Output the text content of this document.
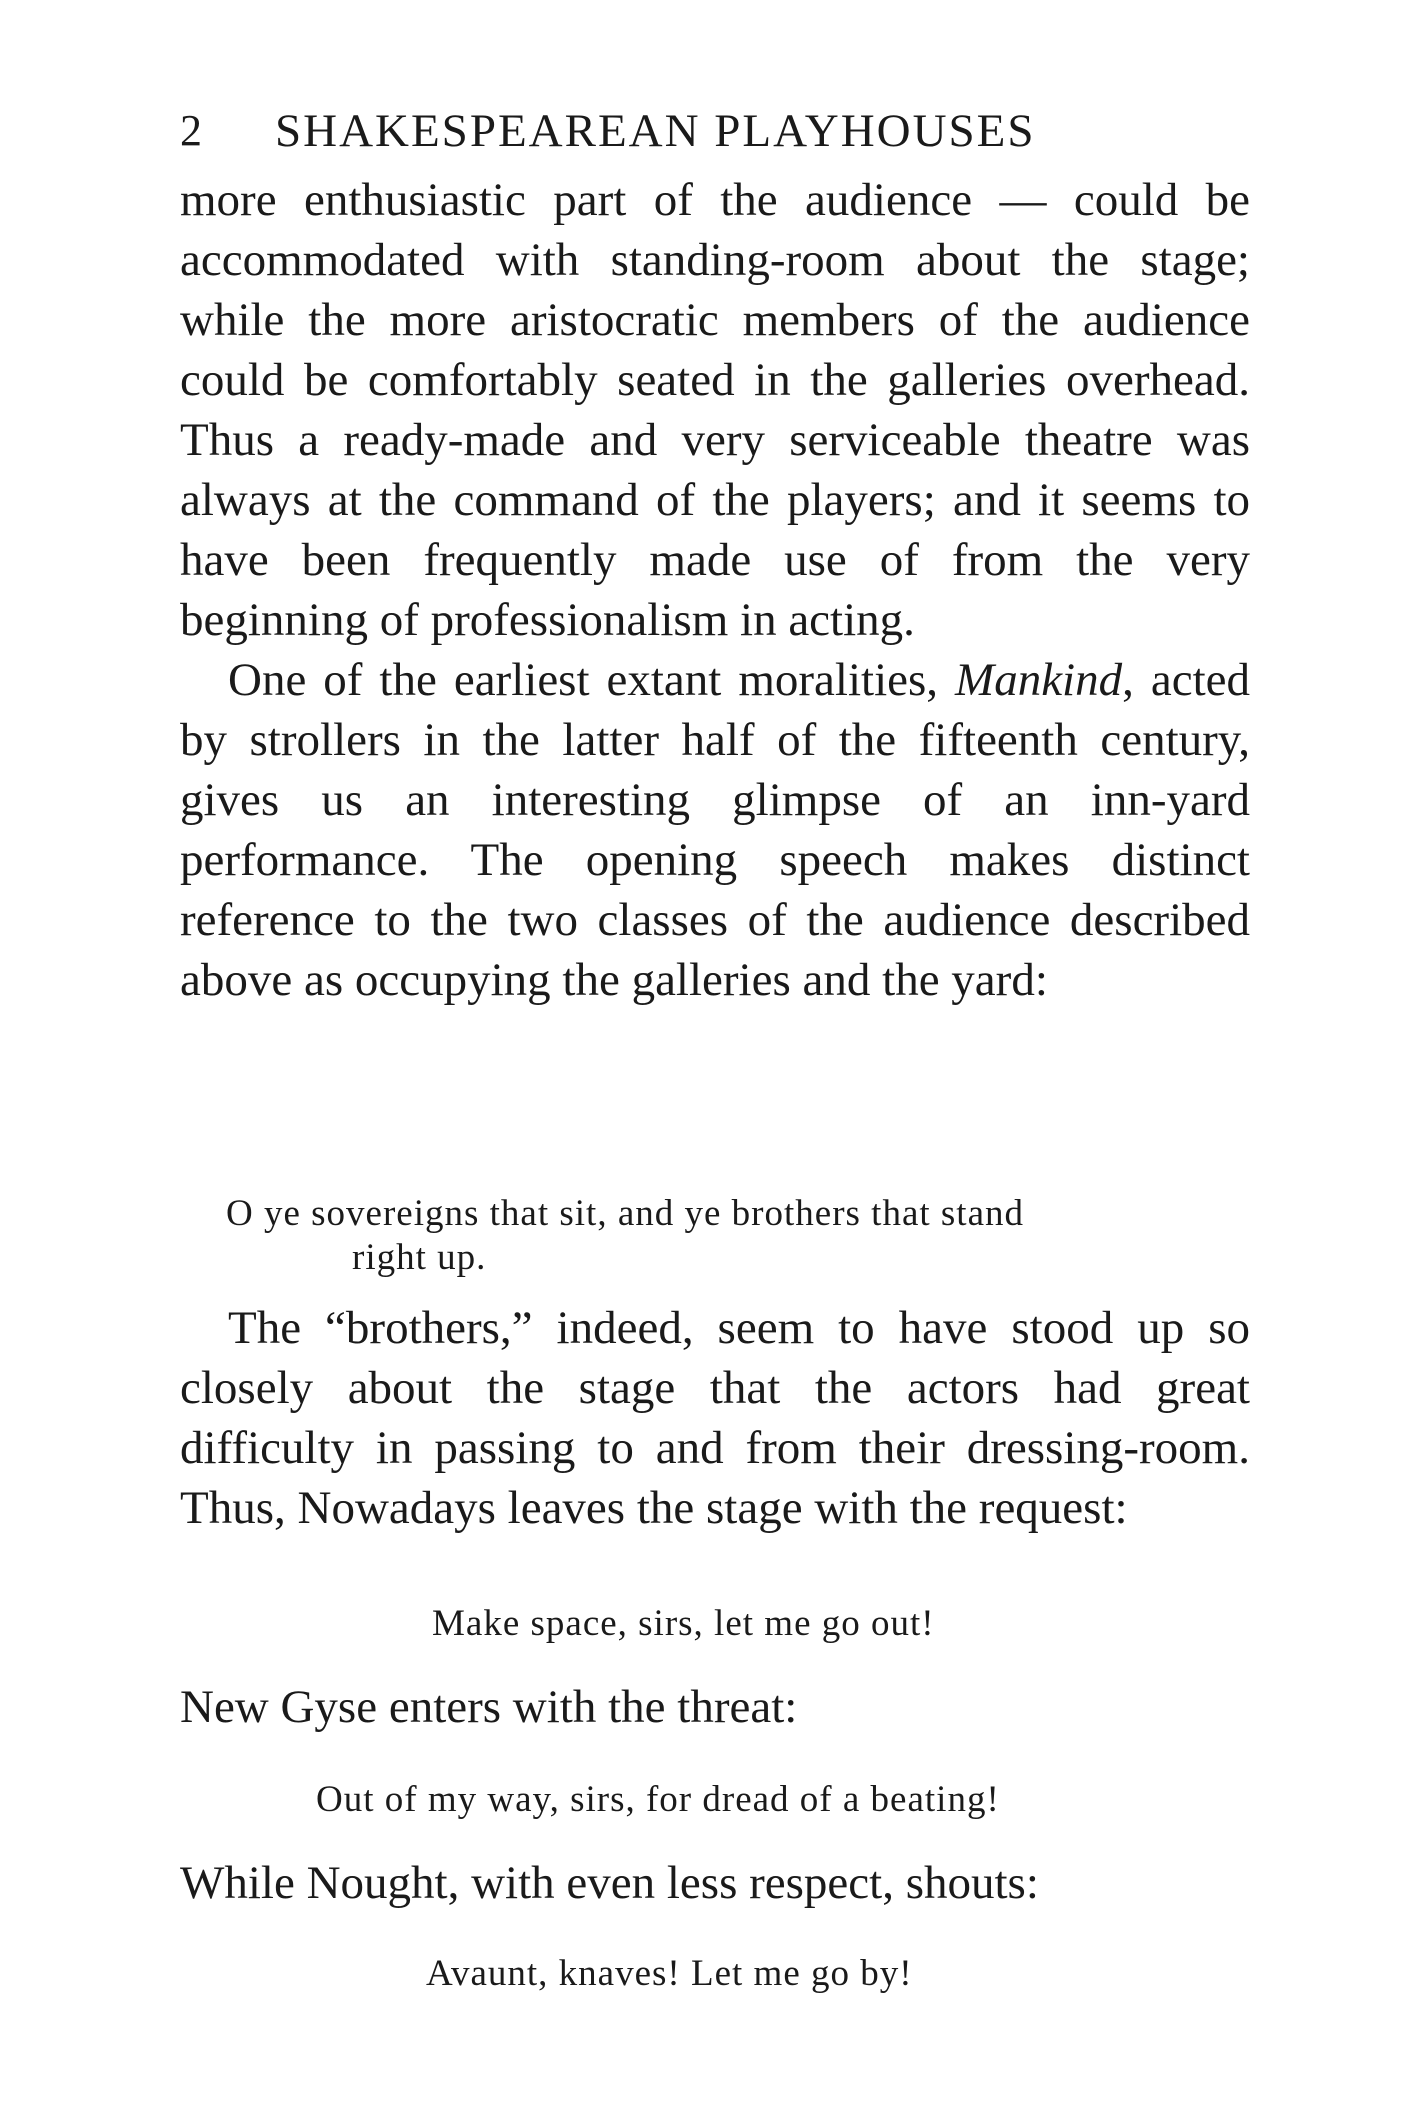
2 SHAKESPEAREAN PLAYHOUSES

more enthusiastic part of the audience — could be accommodated with standing-room about the stage; while the more aristocratic members of the audience could be comfortably seated in the galleries overhead. Thus a ready-made and very serviceable theatre was always at the command of the players; and it seems to have been frequently made use of from the very beginning of professionalism in acting.

One of the earliest extant moralities, Mankind, acted by strollers in the latter half of the fifteenth century, gives us an interesting glimpse of an inn-yard performance. The opening speech makes distinct reference to the two classes of the audience described above as occupying the galleries and the yard:

O ye sovereigns that sit, and ye brothers that stand
right up.

The “brothers,” indeed, seem to have stood up so closely about the stage that the actors had great difficulty in passing to and from their dressing-room. Thus, Nowadays leaves the stage with the request:

Make space, sirs, let me go out!
New Gyse enters with the threat:
Out of my way, sirs, for dread of a beating!
While Nought, with even less respect, shouts:
Avaunt, knaves! Let me go by!
